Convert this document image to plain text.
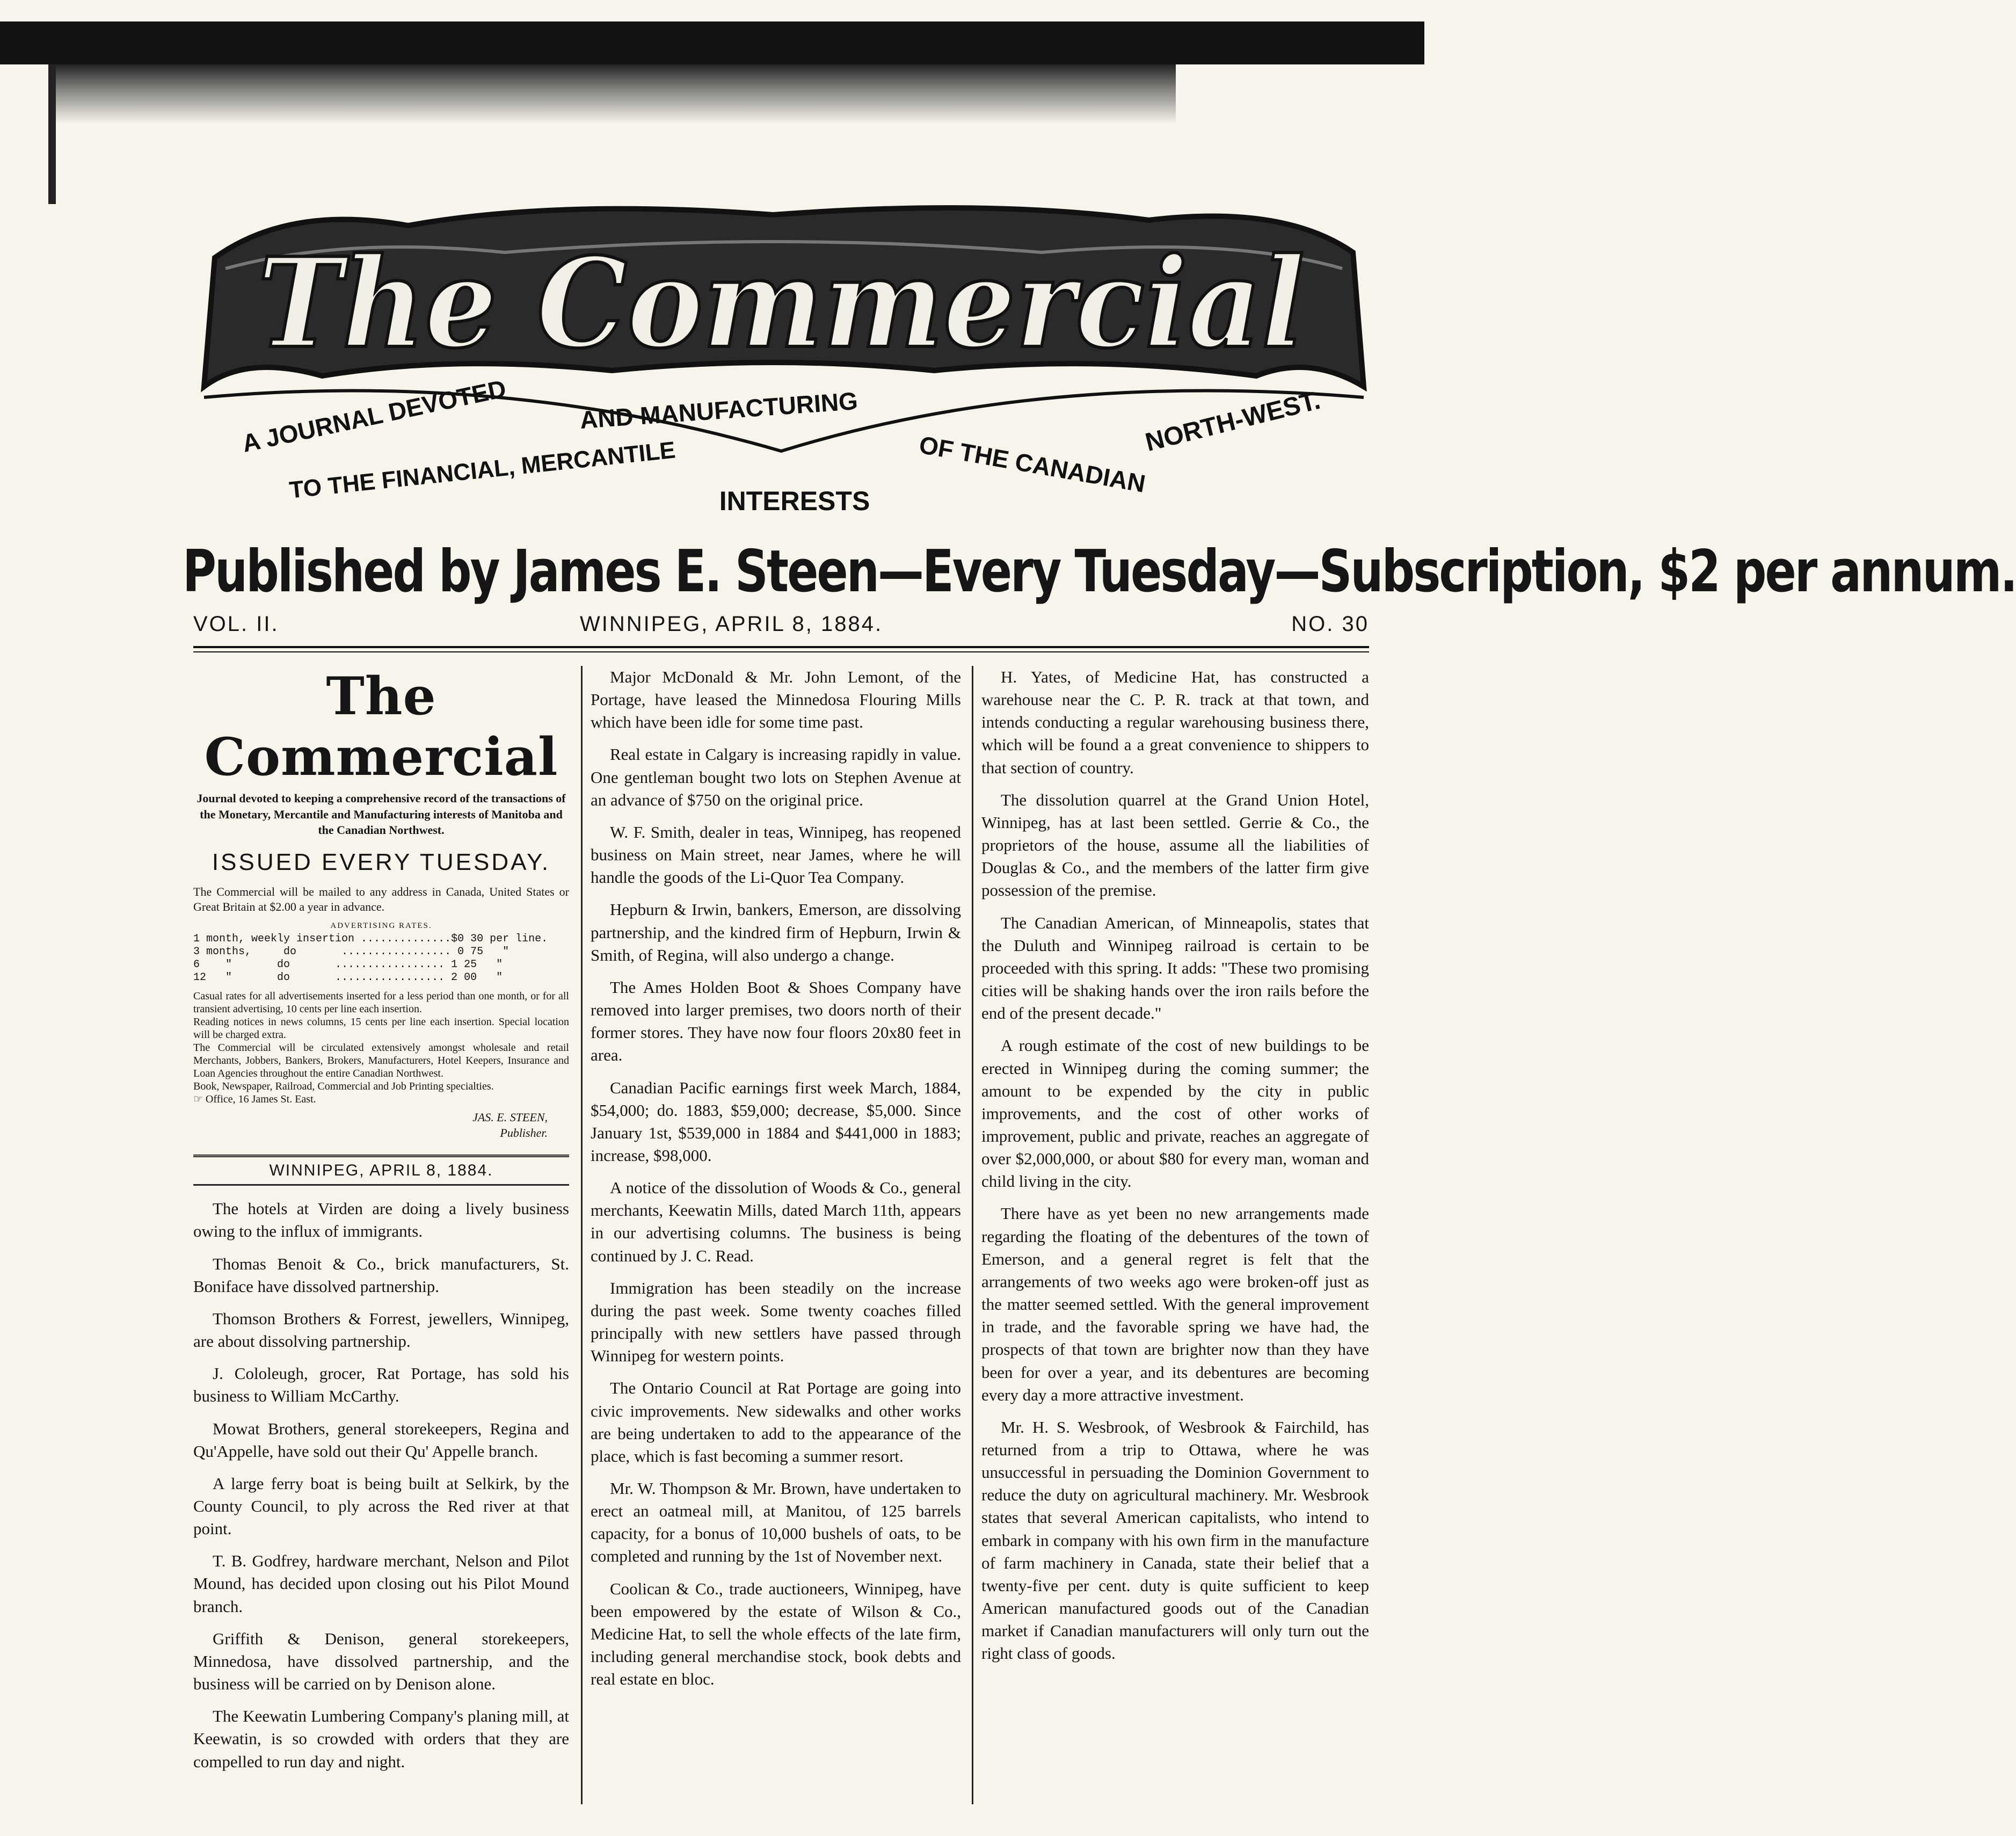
The Commercial
A JOURNAL DEVOTED
TO THE FINANCIAL, MERCANTILE
AND MANUFACTURING
INTERESTS
OF THE CANADIAN
NORTH-WEST.
Published by James E. Steen—Every Tuesday—Subscription, $2 per annum.
VOL. II.	WINNIPEG, APRIL 8, 1884.	NO. 30
The Commercial
Journal devoted to keeping a comprehensive record of the transactions of the Monetary, Mercantile and Manufacturing interests of Manitoba and the Canadian Northwest.
ISSUED EVERY TUESDAY.

The Commercial will be mailed to any address in Canada, United States or Great Britain at $2.00 a year in advance.

ADVERTISING RATES.
1 month, weekly insertion ..............$0 30 per line.
3 months,     do       ................. 0 75   "
6    "       do       ................. 1 25   "
12   "       do       ................. 2 00   "

Casual rates for all advertisements inserted for a less period than one month, or for all transient advertising, 10 cents per line each insertion.

Reading notices in news columns, 15 cents per line each insertion. Special location will be charged extra.

The Commercial will be circulated extensively amongst wholesale and retail Merchants, Jobbers, Bankers, Brokers, Manufacturers, Hotel Keepers, Insurance and Loan Agencies throughout the entire Canadian Northwest.

Book, Newspaper, Railroad, Commercial and Job Printing specialties.

☞ Office, 16 James St. East.

JAS. E. STEEN,
Publisher.
WINNIPEG, APRIL 8, 1884.

The hotels at Virden are doing a lively business owing to the influx of immigrants.

Thomas Benoit & Co., brick manufacturers, St. Boniface have dissolved partnership.

Thomson Brothers & Forrest, jewellers, Winnipeg, are about dissolving partnership.

J. Cololeugh, grocer, Rat Portage, has sold his business to William McCarthy.

Mowat Brothers, general storekeepers, Regina and Qu'Appelle, have sold out their Qu' Appelle branch.

A large ferry boat is being built at Selkirk, by the County Council, to ply across the Red river at that point.

T. B. Godfrey, hardware merchant, Nelson and Pilot Mound, has decided upon closing out his Pilot Mound branch.

Griffith & Denison, general storekeepers, Minnedosa, have dissolved partnership, and the business will be carried on by Denison alone.

The Keewatin Lumbering Company's planing mill, at Keewatin, is so crowded with orders that they are compelled to run day and night.

Major McDonald & Mr. John Lemont, of the Portage, have leased the Minnedosa Flouring Mills which have been idle for some time past.

Real estate in Calgary is increasing rapidly in value. One gentleman bought two lots on Stephen Avenue at an advance of $750 on the original price.

W. F. Smith, dealer in teas, Winnipeg, has reopened business on Main street, near James, where he will handle the goods of the Li-Quor Tea Company.

Hepburn & Irwin, bankers, Emerson, are dissolving partnership, and the kindred firm of Hepburn, Irwin & Smith, of Regina, will also undergo a change.

The Ames Holden Boot & Shoes Company have removed into larger premises, two doors north of their former stores. They have now four floors 20x80 feet in area.

Canadian Pacific earnings first week March, 1884, $54,000; do. 1883, $59,000; decrease, $5,000. Since January 1st, $539,000 in 1884 and $441,000 in 1883; increase, $98,000.

A notice of the dissolution of Woods & Co., general merchants, Keewatin Mills, dated March 11th, appears in our advertising columns. The business is being continued by J. C. Read.

Immigration has been steadily on the increase during the past week. Some twenty coaches filled principally with new settlers have passed through Winnipeg for western points.

The Ontario Council at Rat Portage are going into civic improvements. New sidewalks and other works are being undertaken to add to the appearance of the place, which is fast becoming a summer resort.

Mr. W. Thompson & Mr. Brown, have undertaken to erect an oatmeal mill, at Manitou, of 125 barrels capacity, for a bonus of 10,000 bushels of oats, to be completed and running by the 1st of November next.

Coolican & Co., trade auctioneers, Winnipeg, have been empowered by the estate of Wilson & Co., Medicine Hat, to sell the whole effects of the late firm, including general merchandise stock, book debts and real estate en bloc.

H. Yates, of Medicine Hat, has constructed a warehouse near the C. P. R. track at that town, and intends conducting a regular warehousing business there, which will be found a a great convenience to shippers to that section of country.

The dissolution quarrel at the Grand Union Hotel, Winnipeg, has at last been settled. Gerrie & Co., the proprietors of the house, assume all the liabilities of Douglas & Co., and the members of the latter firm give possession of the premise.

The Canadian American, of Minneapolis, states that the Duluth and Winnipeg railroad is certain to be proceeded with this spring. It adds: "These two promising cities will be shaking hands over the iron rails before the end of the present decade."

A rough estimate of the cost of new buildings to be erected in Winnipeg during the coming summer; the amount to be expended by the city in public improvements, and the cost of other works of improvement, public and private, reaches an aggregate of over $2,000,000, or about $80 for every man, woman and child living in the city.

There have as yet been no new arrangements made regarding the floating of the debentures of the town of Emerson, and a general regret is felt that the arrangements of two weeks ago were broken-off just as the matter seemed settled. With the general improvement in trade, and the favorable spring we have had, the prospects of that town are brighter now than they have been for over a year, and its debentures are becoming every day a more attractive investment.

Mr. H. S. Wesbrook, of Wesbrook & Fairchild, has returned from a trip to Ottawa, where he was unsuccessful in persuading the Dominion Government to reduce the duty on agricultural machinery. Mr. Wesbrook states that several American capitalists, who intend to embark in company with his own firm in the manufacture of farm machinery in Canada, state their belief that a twenty-five per cent. duty is quite sufficient to keep American manufactured goods out of the Canadian market if Canadian manufacturers will only turn out the right class of goods.
